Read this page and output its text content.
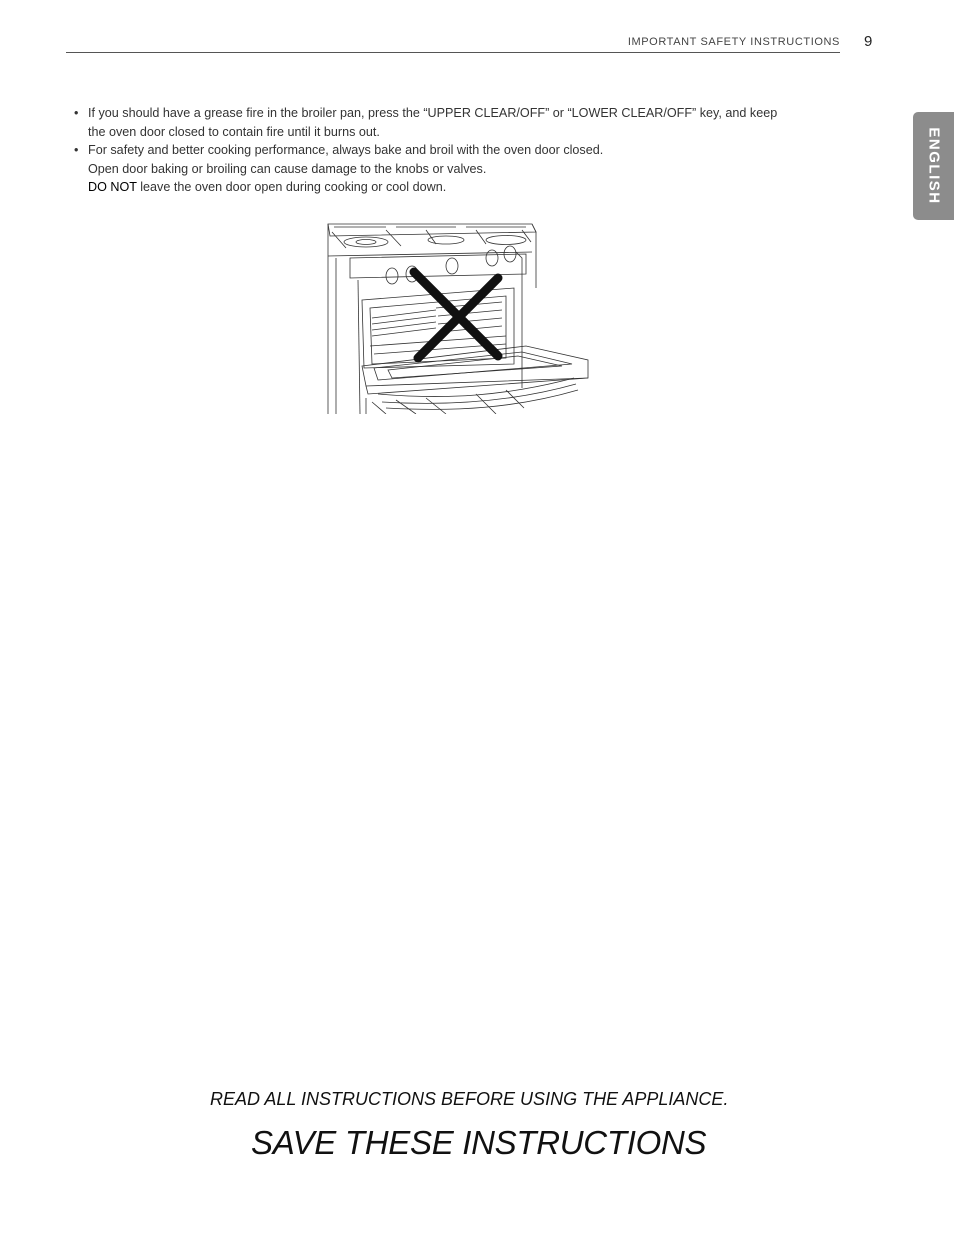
IMPORTANT SAFETY INSTRUCTIONS 9
ENGLISH
• If you should have a grease fire in the broiler pan, press the “UPPER CLEAR/OFF” or “LOWER CLEAR/OFF” key, and keep
the oven door closed to contain fire until it burns out.
• For safety and better cooking performance, always bake and broil with the oven door closed.
Open door baking or broiling can cause damage to the knobs or valves.
DO NOT leave the oven door open during cooking or cool down.
READ ALL INSTRUCTIONS BEFORE USING THE APPLIANCE.
SAVE THESE INSTRUCTIONS
